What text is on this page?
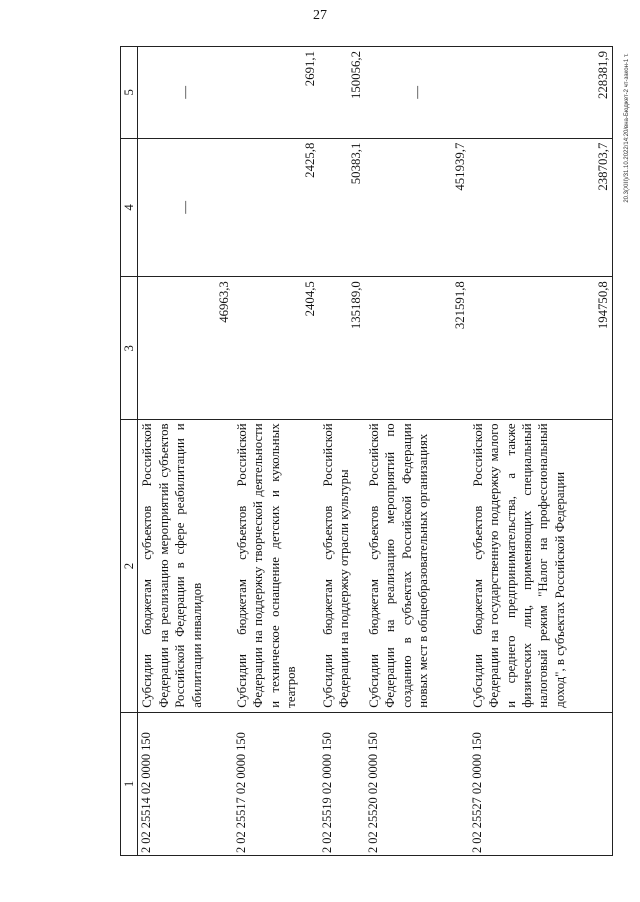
27
20.3(XIII)/31.10.2022/14:20/вна-Бюджет-2 чт-закон-1 т.
1	2	3	4	5
2 02 25514 02 0000 150	Субсидии бюджетам субъектов Российской Федерации на реализацию мероприятий субъектов Российской Федерации в сфере реабилитации и абилитации инвалидов	46963,3	—	—
2 02 25517 02 0000 150	Субсидии бюджетам субъектов Российской Федерации на поддержку творческой деятельности и техническое оснащение детских и кукольных театров	2404,5	2425,8	2691,1
2 02 25519 02 0000 150	Субсидии бюджетам субъектов Российской Федерации на поддержку отрасли культуры	135189,0	50383,1	150056,2
2 02 25520 02 0000 150	Субсидии бюджетам субъектов Российской Федерации на реализацию мероприятий по созданию в субъектах Российской Федерации новых мест в общеобразовательных организациях	321591,8	451939,7	—
2 02 25527 02 0000 150	Субсидии бюджетам субъектов Российской Федерации на государственную поддержку малого и среднего предпринимательства, а также физических лиц, применяющих специальный налоговый режим "Налог на профессиональный доход", в субъектах Российской Федерации	194750,8	238703,7	228381,9
